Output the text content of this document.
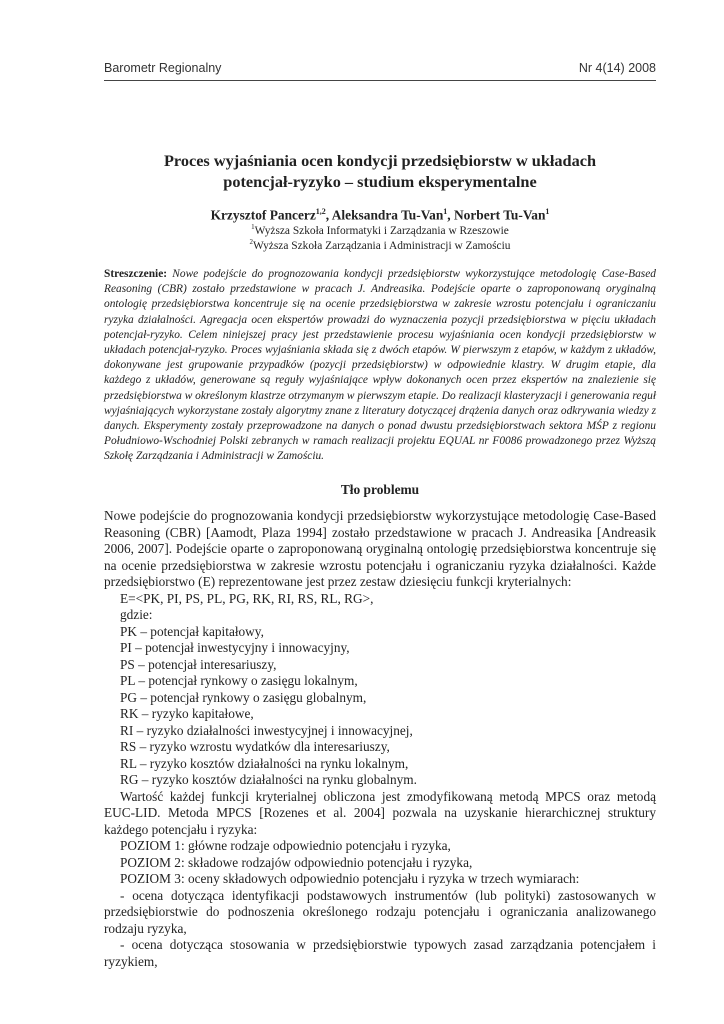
Barometr Regionalny	Nr 4(14) 2008
Proces wyjaśniania ocen kondycji przedsiębiorstw w układach
potencjał-ryzyko – studium eksperymentalne
Krzysztof Pancerz$^{1,2}$, Aleksandra Tu-Van$^1$, Norbert Tu-Van$^1$
$^1$Wyższa Szkoła Informatyki i Zarządzania w Rzeszowie
$^2$Wyższa Szkoła Zarządzania i Administracji w Zamościu
Streszczenie: Nowe podejście do prognozowania kondycji przedsiębiorstw wykorzystujące metodologię Case-Based Reasoning (CBR) zostało przedstawione w pracach J. Andreasika. Podejście oparte o zaproponowaną oryginalną ontologię przedsiębiorstwa koncentruje się na ocenie przedsiębiorstwa w zakresie wzrostu potencjału i ograniczaniu ryzyka działalności. Agregacja ocen ekspertów prowadzi do wyznaczenia pozycji przedsiębiorstwa w pięciu układach potencjał-ryzyko. Celem niniejszej pracy jest przedstawienie procesu wyjaśniania ocen kondycji przedsiębiorstw w układach potencjał-ryzyko. Proces wyjaśniania składa się z dwóch etapów. W pierwszym z etapów, w każdym z układów, dokonywane jest grupowanie przypadków (pozycji przedsiębiorstw) w odpowiednie klastry. W drugim etapie, dla każdego z układów, generowane są reguły wyjaśniające wpływ dokonanych ocen przez ekspertów na znalezienie się przedsiębiorstwa w określonym klastrze otrzymanym w pierwszym etapie. Do realizacji klasteryzacji i generowania reguł wyjaśniających wykorzystane zostały algorytmy znane z literatury dotyczącej drążenia danych oraz odkrywania wiedzy z danych. Eksperymenty zostały przeprowadzone na danych o ponad dwustu przedsiębiorstwach sektora MŚP z regionu Południowo-Wschodniej Polski zebranych w ramach realizacji projektu EQUAL nr F0086 prowadzonego przez Wyższą Szkołę Zarządzania i Administracji w Zamościu.
Tło problemu

Nowe podejście do prognozowania kondycji przedsiębiorstw wykorzystujące metodologię Case-Based Reasoning (CBR) [Aamodt, Plaza 1994] zostało przedstawione w pracach J. Andreasika [Andreasik 2006, 2007]. Podejście oparte o zaproponowaną oryginalną ontologię przedsiębiorstwa koncentruje się na ocenie przedsiębiorstwa w zakresie wzrostu potencjału i ograniczaniu ryzyka działalności. Każde przedsiębiorstwo (E) reprezentowane jest przez zestaw dziesięciu funkcji kryterialnych:

E=<PK, PI, PS, PL, PG, RK, RI, RS, RL, RG>,

gdzie:

PK – potencjał kapitałowy,

PI – potencjał inwestycyjny i innowacyjny,

PS – potencjał interesariuszy,

PL – potencjał rynkowy o zasięgu lokalnym,

PG – potencjał rynkowy o zasięgu globalnym,

RK – ryzyko kapitałowe,

RI – ryzyko działalności inwestycyjnej i innowacyjnej,

RS – ryzyko wzrostu wydatków dla interesariuszy,

RL – ryzyko kosztów działalności na rynku lokalnym,

RG – ryzyko kosztów działalności na rynku globalnym.

Wartość każdej funkcji kryterialnej obliczona jest zmodyfikowaną metodą MPCS oraz metodą EUC-LID. Metoda MPCS [Rozenes et al. 2004] pozwala na uzyskanie hierarchicznej struktury każdego potencjału i ryzyka:

POZIOM 1: główne rodzaje odpowiednio potencjału i ryzyka,

POZIOM 2: składowe rodzajów odpowiednio potencjału i ryzyka,

POZIOM 3: oceny składowych odpowiednio potencjału i ryzyka w trzech wymiarach:

- ocena dotycząca identyfikacji podstawowych instrumentów (lub polityki) zastosowanych w przedsiębiorstwie do podnoszenia określonego rodzaju potencjału i ograniczania analizowanego rodzaju ryzyka,

- ocena dotycząca stosowania w przedsiębiorstwie typowych zasad zarządzania potencjałem i ryzykiem,
